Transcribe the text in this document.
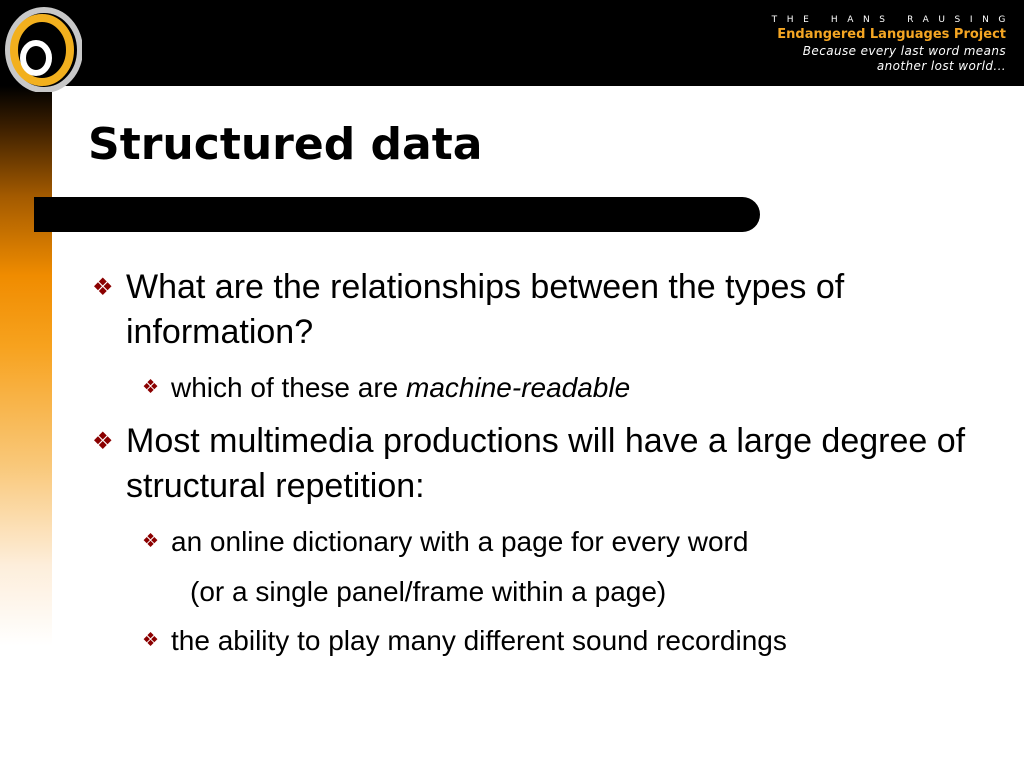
THE HANS RAUSING
Endangered Languages Project
Because every last word means
another lost world...
Structured data
❖ What are the relationships between the types of information?
❖ which of these are machine-readable
❖ Most multimedia productions will have a large degree of structural repetition:
❖ an online dictionary with a page for every word
(or a single panel/frame within a page)
❖ the ability to play many different sound recordings
